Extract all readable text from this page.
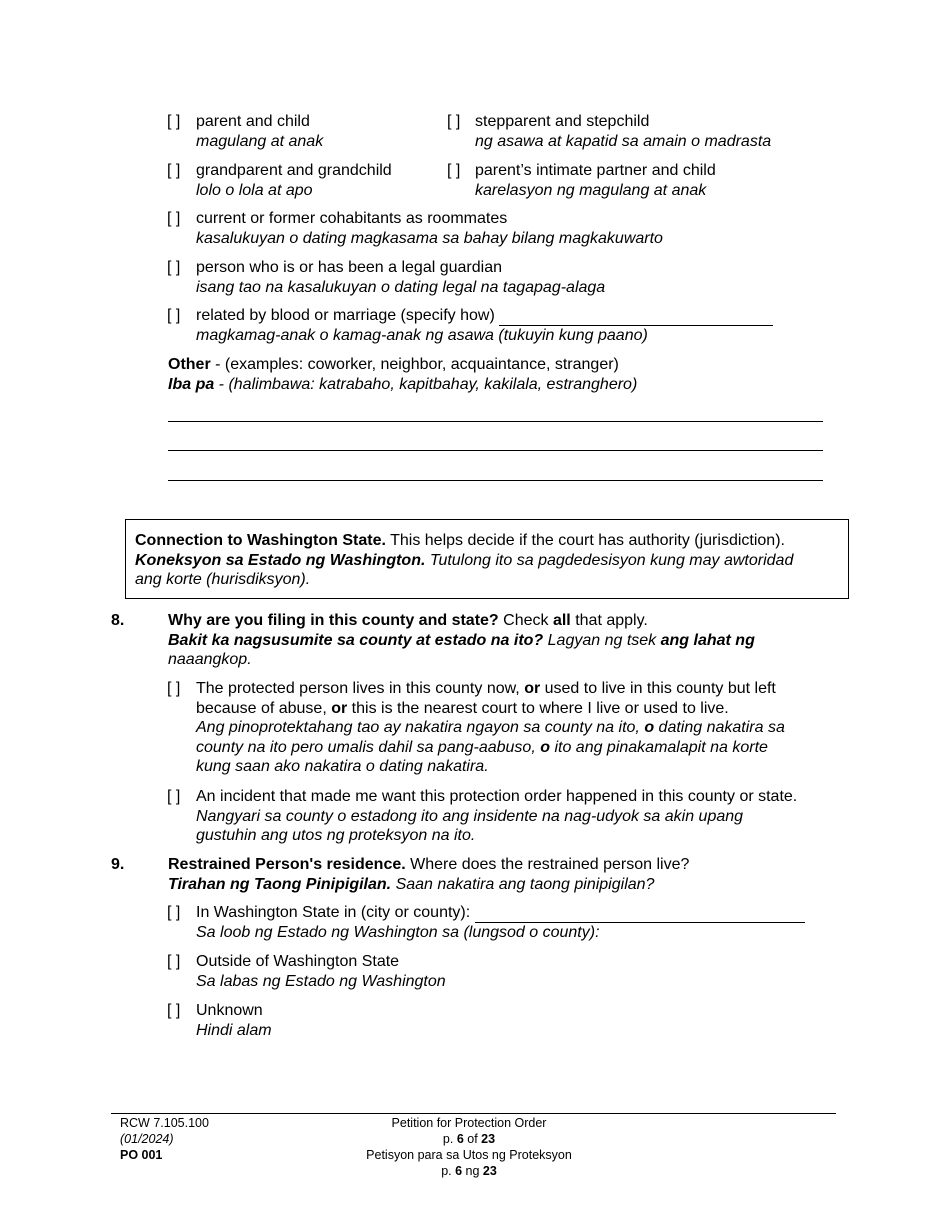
[ ] parent and child
magulang at anak
[ ] stepparent and stepchild
ng asawa at kapatid sa amain o madrasta
[ ] grandparent and grandchild
lolo o lola at apo
[ ] parent’s intimate partner and child
karelasyon ng magulang at anak
[ ] current or former cohabitants as roommates
kasalukuyan o dating magkasama sa bahay bilang magkakuwarto
[ ] person who is or has been a legal guardian
isang tao na kasalukuyan o dating legal na tagapag-alaga
[ ] related by blood or marriage (specify how)
magkamag-anak o kamag-anak ng asawa (tukuyin kung paano)
Other - (examples: coworker, neighbor, acquaintance, stranger)
Iba pa - (halimbawa: katrabaho, kapitbahay, kakilala, estranghero)
Connection to Washington State. This helps decide if the court has authority (jurisdiction).
Koneksyon sa Estado ng Washington. Tutulong ito sa pagdedesisyon kung may awtoridad
ang korte (hurisdiksyon).
8.	Why are you filing in this county and state? Check all that apply.
Bakit ka nagsusumite sa county at estado na ito? Lagyan ng tsek ang lahat ng
naaangkop.
[ ] The protected person lives in this county now, or used to live in this county but left
because of abuse, or this is the nearest court to where I live or used to live.
Ang pinoprotektahang tao ay nakatira ngayon sa county na ito, o dating nakatira sa
county na ito pero umalis dahil sa pang-aabuso, o ito ang pinakamalapit na korte
kung saan ako nakatira o dating nakatira.
[ ] An incident that made me want this protection order happened in this county or state.
Nangyari sa county o estadong ito ang insidente na nag-udyok sa akin upang
gustuhin ang utos ng proteksyon na ito.
9.	Restrained Person's residence. Where does the restrained person live?
Tirahan ng Taong Pinipigilan. Saan nakatira ang taong pinipigilan?
[ ] In Washington State in (city or county):
Sa loob ng Estado ng Washington sa (lungsod o county):
[ ] Outside of Washington State
Sa labas ng Estado ng Washington
[ ] Unknown
Hindi alam
RCW 7.105.100
(01/2024)
PO 001
Petition for Protection Order
p. 6 of 23
Petisyon para sa Utos ng Proteksyon
p. 6 ng 23
